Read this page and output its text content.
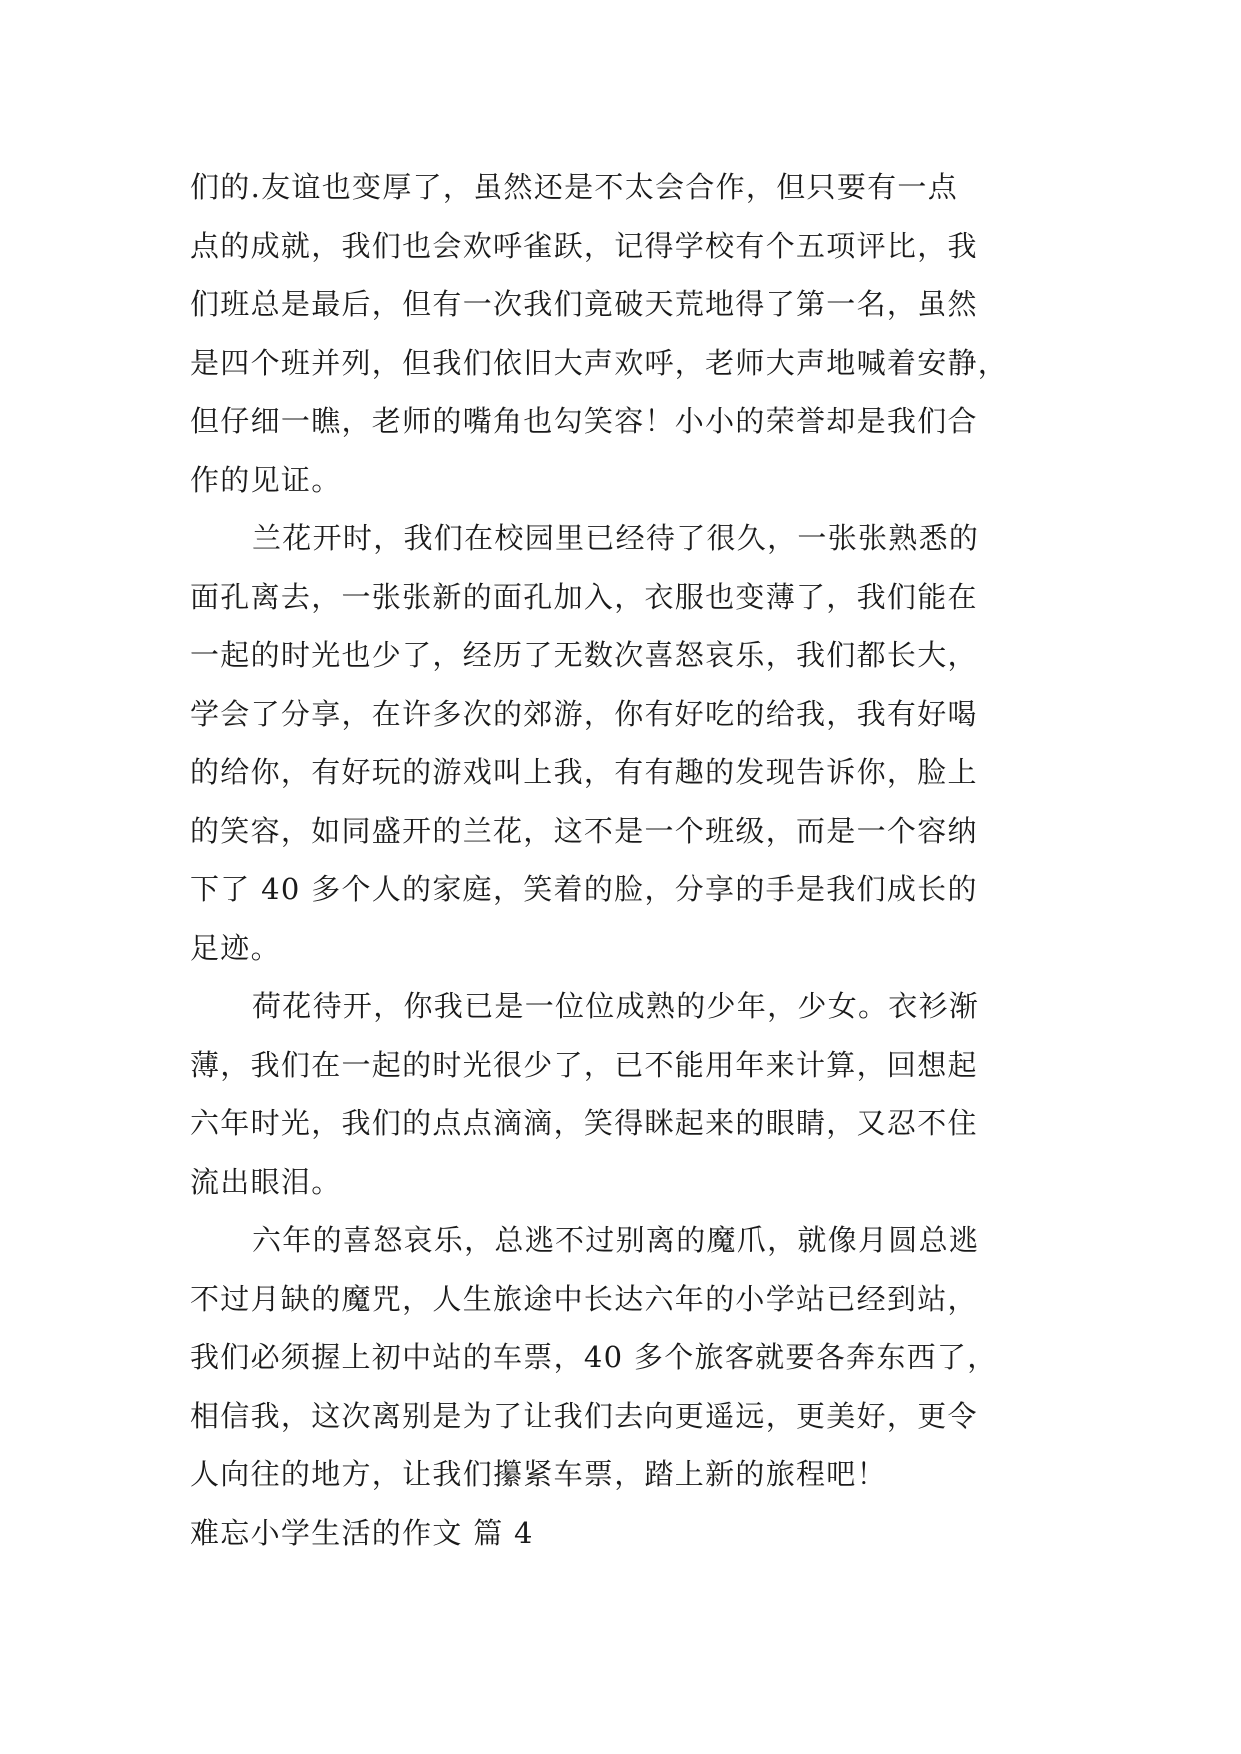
们的.友谊也变厚了，虽然还是不太会合作，但只要有一点
点的成就，我们也会欢呼雀跃，记得学校有个五项评比，我
们班总是最后，但有一次我们竟破天荒地得了第一名，虽然
是四个班并列，但我们依旧大声欢呼，老师大声地喊着安静，
但仔细一瞧，老师的嘴角也勾笑容！小小的荣誉却是我们合
作的见证。
兰花开时，我们在校园里已经待了很久，一张张熟悉的
面孔离去，一张张新的面孔加入，衣服也变薄了，我们能在
一起的时光也少了，经历了无数次喜怒哀乐，我们都长大，
学会了分享，在许多次的郊游，你有好吃的给我，我有好喝
的给你，有好玩的游戏叫上我，有有趣的发现告诉你，脸上
的笑容，如同盛开的兰花，这不是一个班级，而是一个容纳
下了 40 多个人的家庭，笑着的脸，分享的手是我们成长的
足迹。
荷花待开，你我已是一位位成熟的少年，少女。衣衫渐
薄，我们在一起的时光很少了，已不能用年来计算，回想起
六年时光，我们的点点滴滴，笑得眯起来的眼睛，又忍不住
流出眼泪。
六年的喜怒哀乐，总逃不过别离的魔爪，就像月圆总逃
不过月缺的魔咒，人生旅途中长达六年的小学站已经到站，
我们必须握上初中站的车票，40 多个旅客就要各奔东西了，
相信我，这次离别是为了让我们去向更遥远，更美好，更令
人向往的地方，让我们攥紧车票，踏上新的旅程吧！
难忘小学生活的作文 篇 4
